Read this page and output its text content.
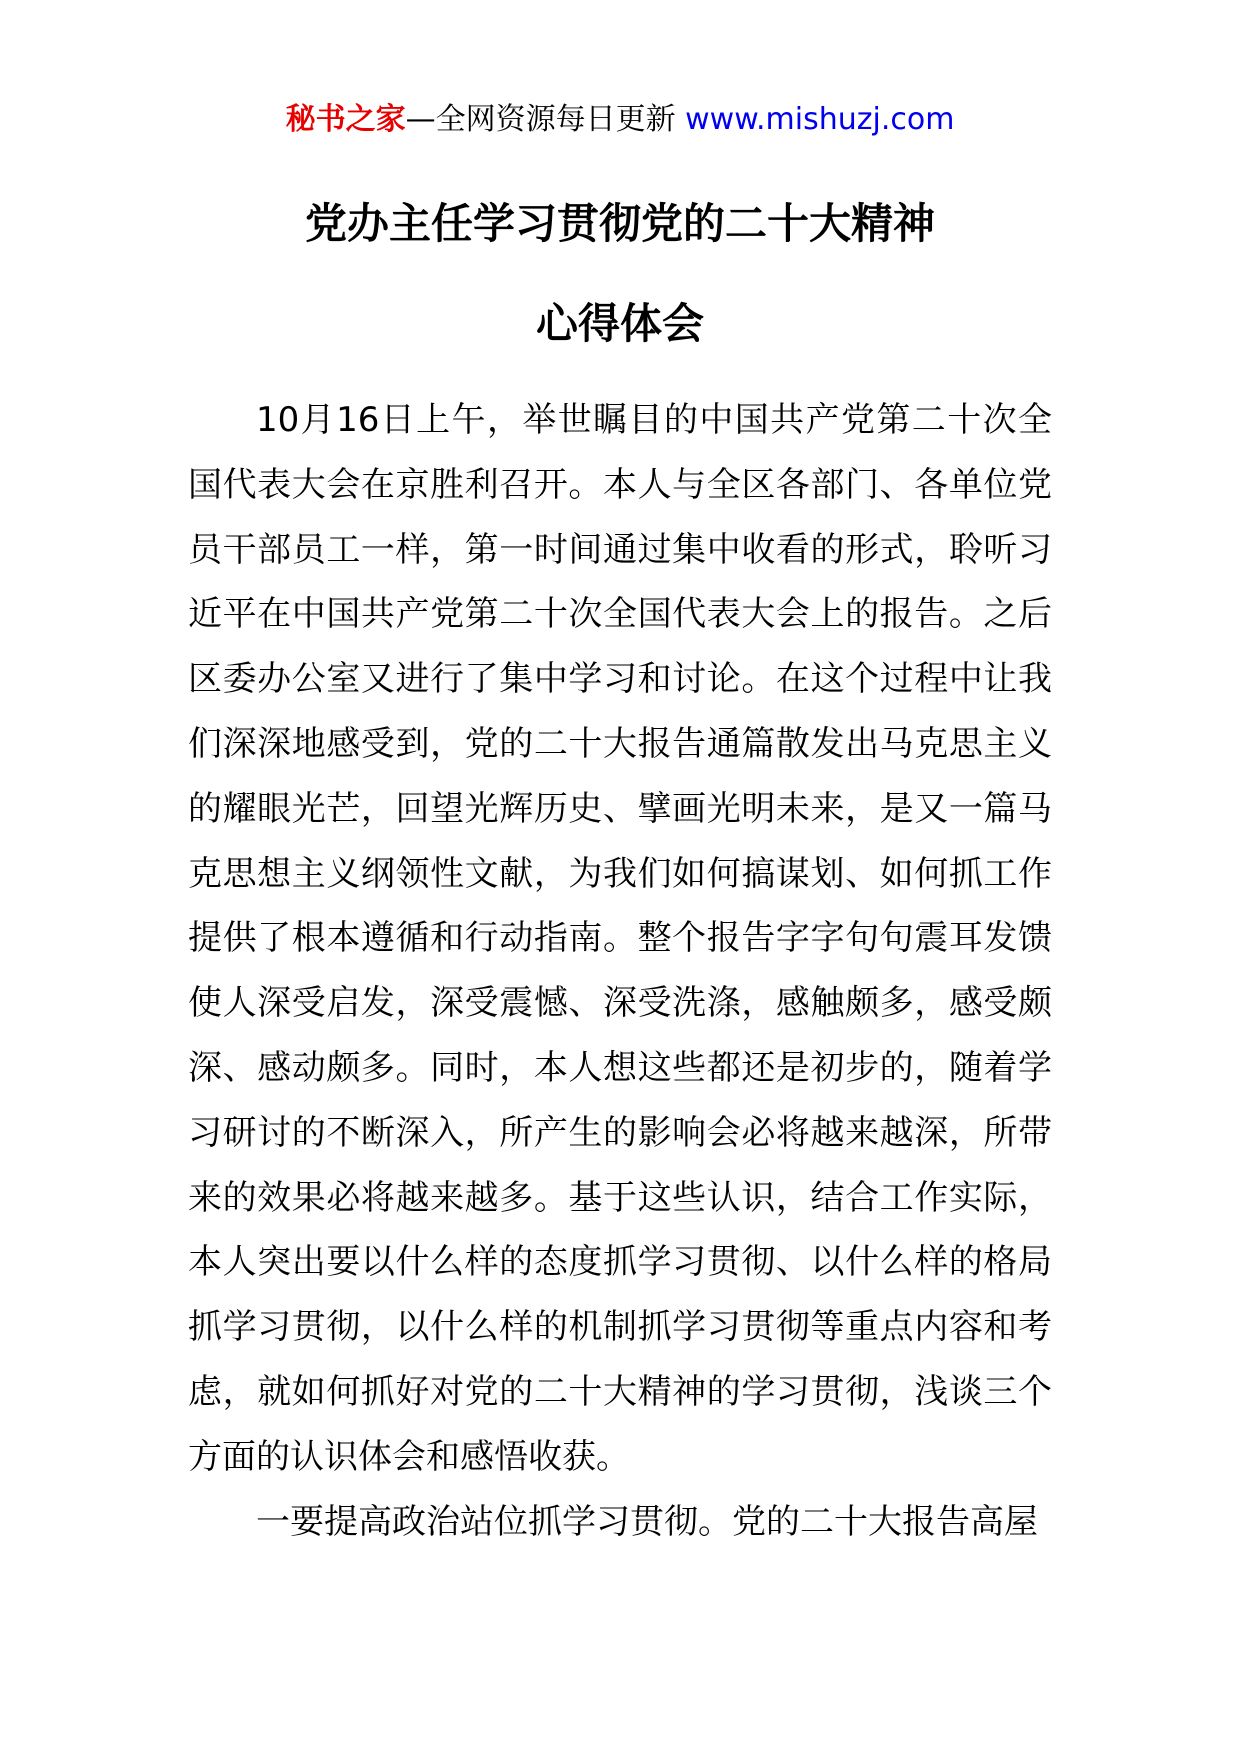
秘书之家—全网资源每日更新 www.mishuzj.com
党办主任学习贯彻党的二十大精神
心得体会

10月16日上午，举世瞩目的中国共产党第二十次全国代表大会在京胜利召开。本人与全区各部门、各单位党员干部员工一样，第一时间通过集中收看的形式，聆听习近平在中国共产党第二十次全国代表大会上的报告。之后区委办公室又进行了集中学习和讨论。在这个过程中让我们深深地感受到，党的二十大报告通篇散发出马克思主义的耀眼光芒，回望光辉历史、擘画光明未来，是又一篇马克思想主义纲领性文献，为我们如何搞谋划、如何抓工作提供了根本遵循和行动指南。整个报告字字句句震耳发馈使人深受启发，深受震憾、深受洗涤，感触颇多，感受颇深、感动颇多。同时，本人想这些都还是初步的，随着学习研讨的不断深入，所产生的影响会必将越来越深，所带来的效果必将越来越多。基于这些认识，结合工作实际，本人突出要以什么样的态度抓学习贯彻、以什么样的格局抓学习贯彻，以什么样的机制抓学习贯彻等重点内容和考虑，就如何抓好对党的二十大精神的学习贯彻，浅谈三个方面的认识体会和感悟收获。

一要提高政治站位抓学习贯彻。党的二十大报告高屋
